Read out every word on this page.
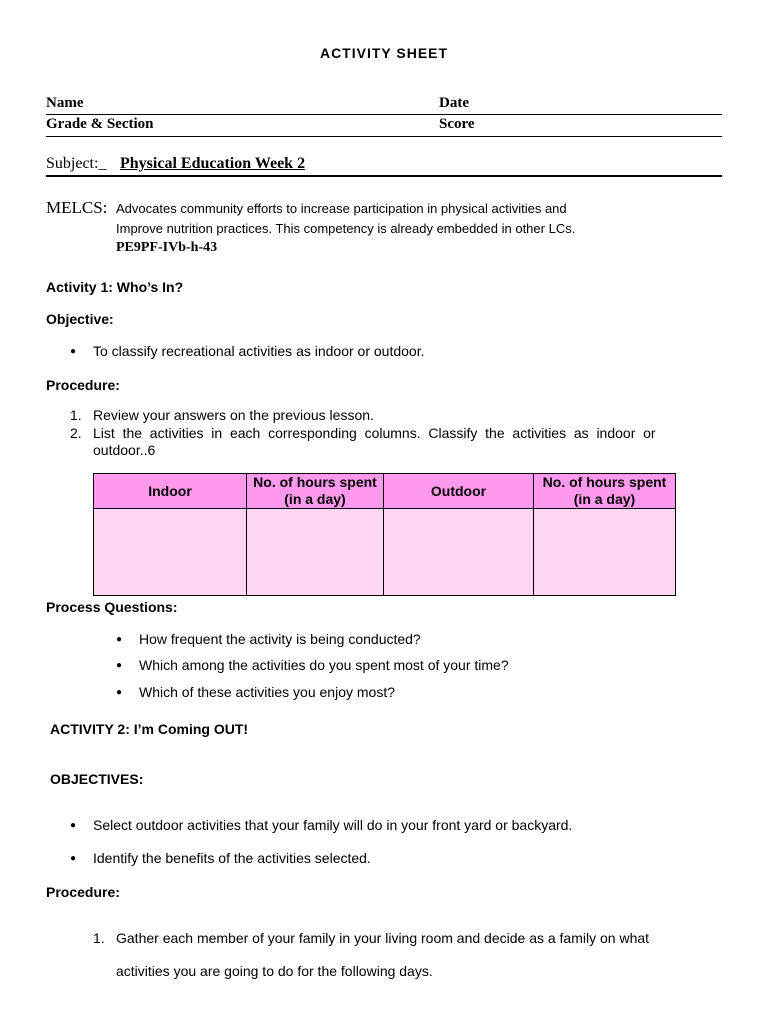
ACTIVITY SHEET
Name	Date
Grade & Section	Score
Subject:_ Physical Education Week 2
MELCS: Advocates community efforts to increase participation in physical activities and
Improve nutrition practices. This competency is already embedded in other LCs.
PE9PF-IVb-h-43
Activity 1: Who’s In?
Objective:
● To classify recreational activities as indoor or outdoor.
Procedure:
1. Review your answers on the previous lesson.
2. List  the  activities  in  each  corresponding  columns.  Classify  the  activities  as  indoor  or
outdoor..6
Indoor	No. of hours spent (in a day)	Outdoor	No. of hours spent (in a day)

Process Questions:
● How frequent the activity is being conducted?
● Which among the activities do you spent most of your time?
● Which of these activities you enjoy most?
ACTIVITY 2: I’m Coming OUT!
OBJECTIVES:
● Select outdoor activities that your family will do in your front yard or backyard.
● Identify the benefits of the activities selected.
Procedure:
1. Gather each member of your family in your living room and decide as a family on what
activities you are going to do for the following days.
